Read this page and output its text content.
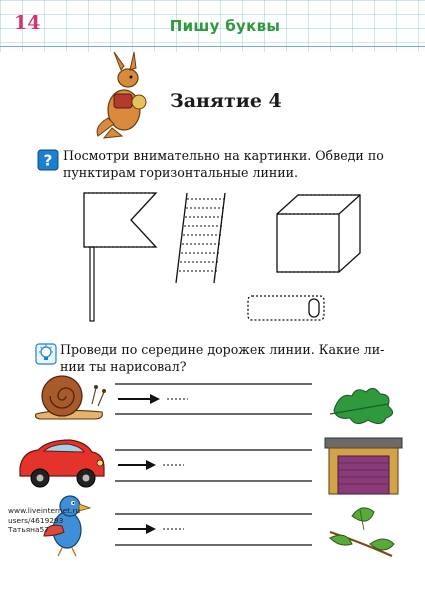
14	Пишу буквы
Занятие 4
? Посмотри внимательно на картинки. Обведи по
пунктирам горизонтальные линии.
Проведи по середине дорожек линии. Какие ли-
нии ты нарисовал?
www.liveinternet.ru
users/4619293
Татьяна57
